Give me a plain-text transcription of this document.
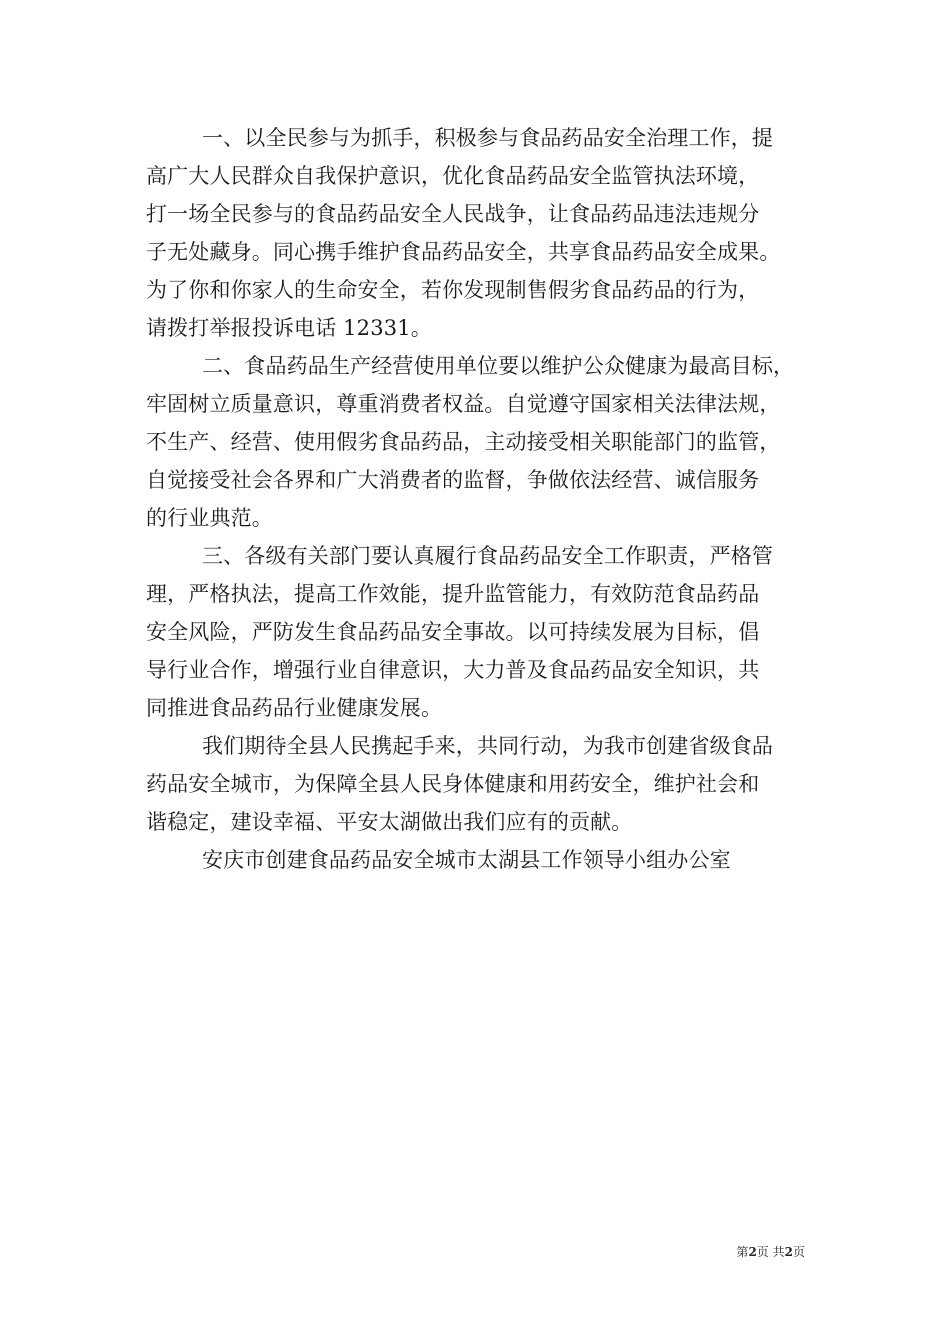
一、以全民参与为抓手，积极参与食品药品安全治理工作，提
高广大人民群众自我保护意识，优化食品药品安全监管执法环境，
打一场全民参与的食品药品安全人民战争，让食品药品违法违规分
子无处藏身。同心携手维护食品药品安全，共享食品药品安全成果。
为了你和你家人的生命安全，若你发现制售假劣食品药品的行为，
请拨打举报投诉电话 12331。
二、食品药品生产经营使用单位要以维护公众健康为最高目标，
牢固树立质量意识，尊重消费者权益。自觉遵守国家相关法律法规，
不生产、经营、使用假劣食品药品，主动接受相关职能部门的监管，
自觉接受社会各界和广大消费者的监督，争做依法经营、诚信服务
的行业典范。
三、各级有关部门要认真履行食品药品安全工作职责，严格管
理，严格执法，提高工作效能，提升监管能力，有效防范食品药品
安全风险，严防发生食品药品安全事故。以可持续发展为目标，倡
导行业合作，增强行业自律意识，大力普及食品药品安全知识，共
同推进食品药品行业健康发展。
我们期待全县人民携起手来，共同行动，为我市创建省级食品
药品安全城市，为保障全县人民身体健康和用药安全，维护社会和
谐稳定，建设幸福、平安太湖做出我们应有的贡献。
安庆市创建食品药品安全城市太湖县工作领导小组办公室
第2页 共2页
